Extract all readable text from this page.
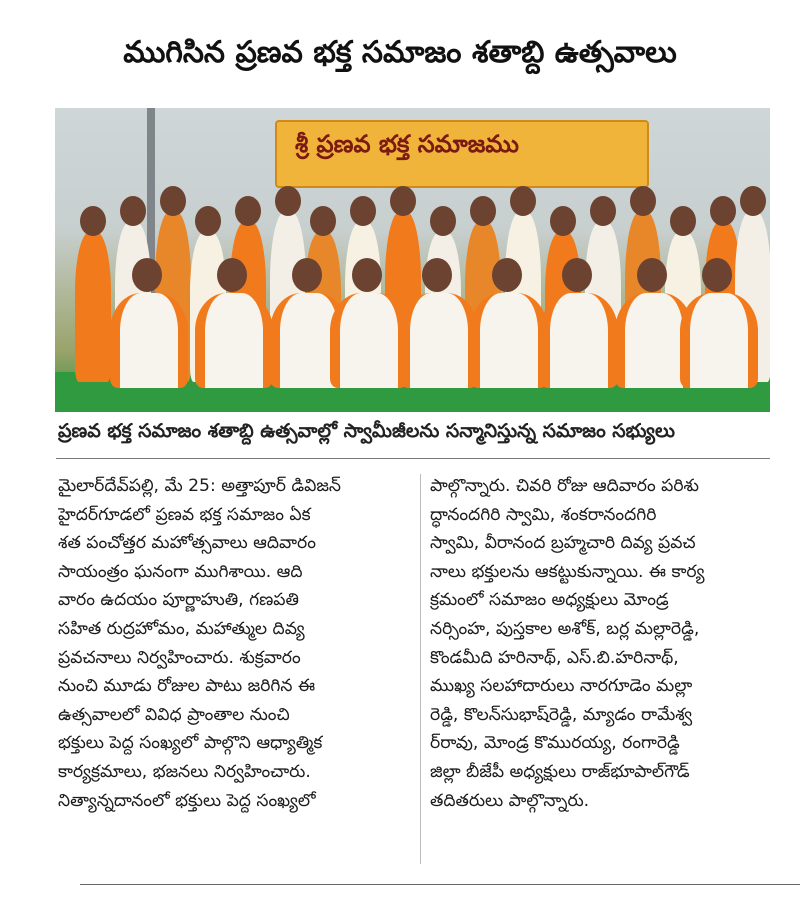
ముగిసిన ప్రణవ భక్త సమాజం శతాబ్ది ఉత్సవాలు
శ్రీ ప్రణవ భక్త సమాజము
ప్రణవ భక్త సమాజం శతాబ్ది ఉత్సవాల్లో స్వామీజీలను సన్మానిస్తున్న సమాజం సభ్యులు
మైలార్‌దేవ్‌పల్లి, మే 25: అత్తాపూర్ డివిజన్
హైదర్‌గూడలో ప్రణవ భక్త సమాజం ఏక
శత పంచోత్తర మహోత్సవాలు ఆదివారం
సాయంత్రం ఘనంగా ముగిశాయి. ఆది
వారం ఉదయం పూర్ణాహుతి, గణపతి
సహిత రుద్రహోమం, మహాత్ముల దివ్య
ప్రవచనాలు నిర్వహించారు. శుక్రవారం
నుంచి మూడు రోజుల పాటు జరిగిన ఈ
ఉత్సవాలలో వివిధ ప్రాంతాల నుంచి
భక్తులు పెద్ద సంఖ్యలో పాల్గొని ఆధ్యాత్మిక
కార్యక్రమాలు, భజనలు నిర్వహించారు.
నిత్యాన్నదానంలో భక్తులు పెద్ద సంఖ్యలో
పాల్గొన్నారు. చివరి రోజు ఆదివారం పరిశు
ద్ధానందగిరి స్వామి, శంకరానందగిరి
స్వామి, వీరానంద బ్రహ్మచారి దివ్య ప్రవచ
నాలు భక్తులను ఆకట్టుకున్నాయి. ఈ కార్య
క్రమంలో సమాజం అధ్యక్షులు మోండ్ర
నర్సింహ, పుస్తకాల అశోక్, బర్ల మల్లారెడ్డి,
కొండమీది హరినాథ్, ఎస్.బి.హరినాథ్,
ముఖ్య సలహాదారులు నారగూడెం మల్లా
రెడ్డి, కొలన్‌సుభాష్‌రెడ్డి, మ్యాడం రామేశ్వ
ర్‌రావు, మోండ్ర కొమురయ్య, రంగారెడ్డి
జిల్లా బీజేపీ అధ్యక్షులు రాజ్‌భూపాల్‌గౌడ్
తదితరులు పాల్గొన్నారు.
